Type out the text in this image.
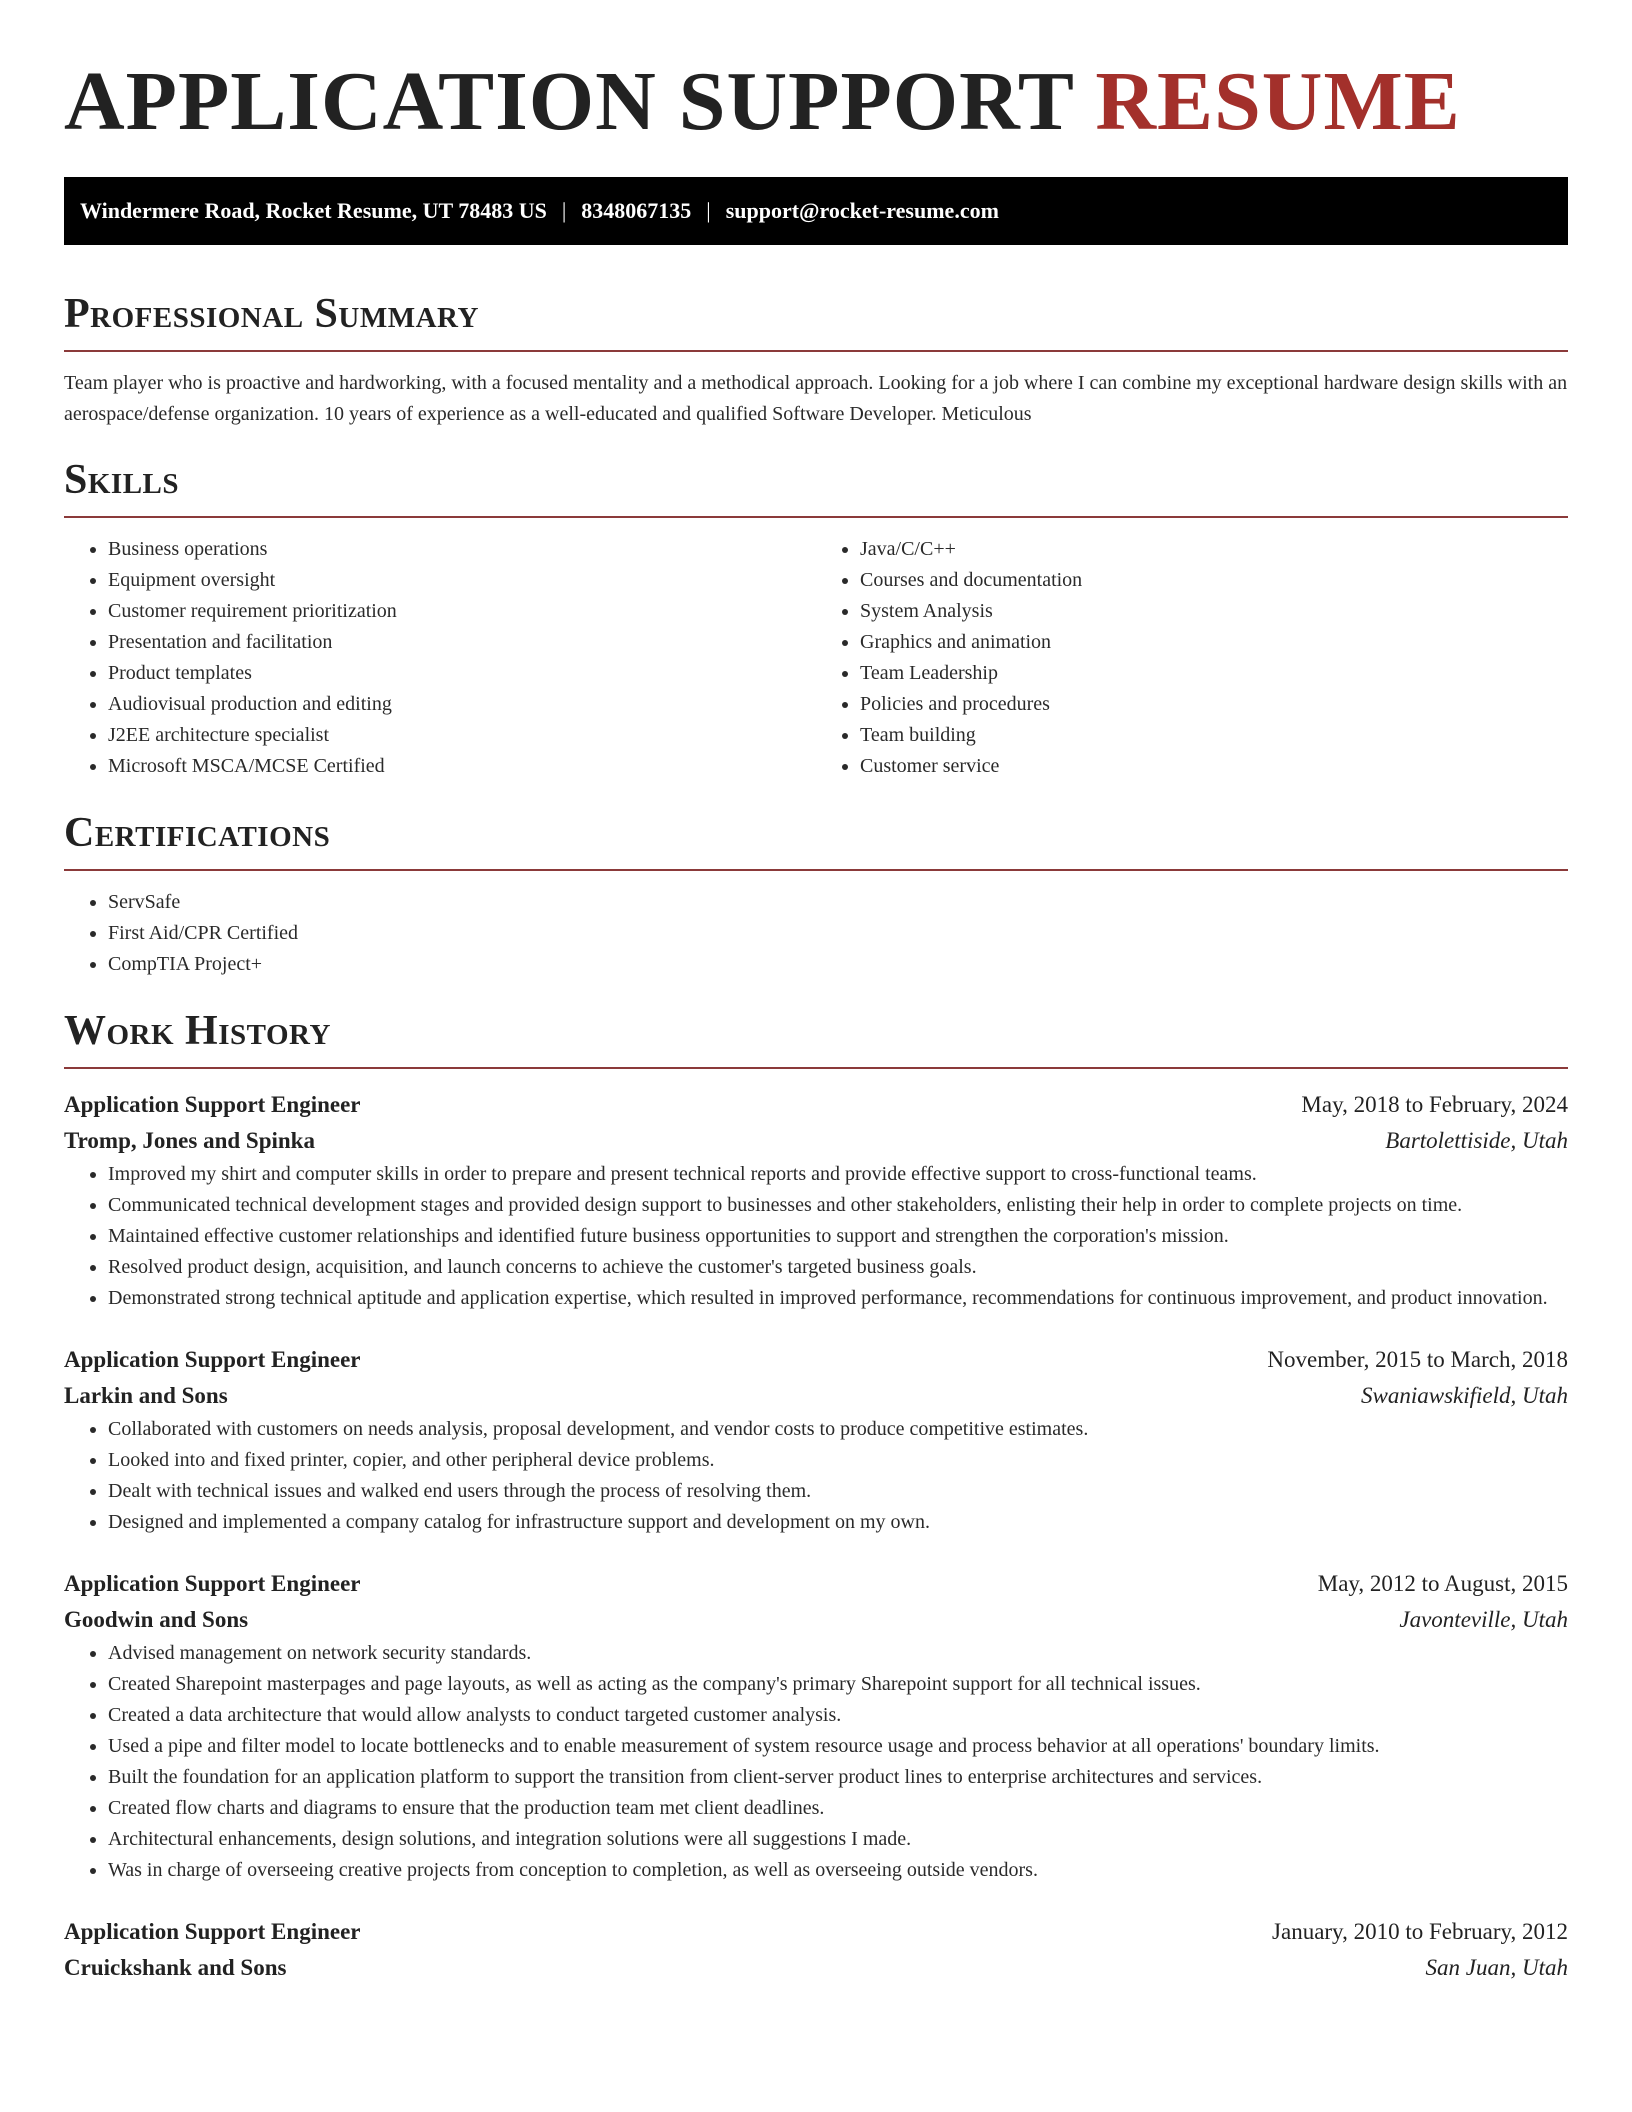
APPLICATION SUPPORT RESUME
Windermere Road, Rocket Resume, UT 78483 US | 8348067135 | support@rocket-resume.com
Professional Summary

Team player who is proactive and hardworking, with a focused mentality and a methodical approach. Looking for a job where I can combine my exceptional hardware design skills with an aerospace/defense organization. 10 years of experience as a well-educated and qualified Software Developer. Meticulous

Skills
• Business operations
• Equipment oversight
• Customer requirement prioritization
• Presentation and facilitation
• Product templates
• Audiovisual production and editing
• J2EE architecture specialist
• Microsoft MSCA/MCSE Certified
• Java/C/C++
• Courses and documentation
• System Analysis
• Graphics and animation
• Team Leadership
• Policies and procedures
• Team building
• Customer service
Certifications
• ServSafe
• First Aid/CPR Certified
• CompTIA Project+
Work History
Application Support Engineer	May, 2018 to February, 2024
Tromp, Jones and Spinka	Bartolettiside, Utah
• Improved my shirt and computer skills in order to prepare and present technical reports and provide effective support to cross-functional teams.
• Communicated technical development stages and provided design support to businesses and other stakeholders, enlisting their help in order to complete projects on time.
• Maintained effective customer relationships and identified future business opportunities to support and strengthen the corporation's mission.
• Resolved product design, acquisition, and launch concerns to achieve the customer's targeted business goals.
• Demonstrated strong technical aptitude and application expertise, which resulted in improved performance, recommendations for continuous improvement, and product innovation.
Application Support Engineer	November, 2015 to March, 2018
Larkin and Sons	Swaniawskifield, Utah
• Collaborated with customers on needs analysis, proposal development, and vendor costs to produce competitive estimates.
• Looked into and fixed printer, copier, and other peripheral device problems.
• Dealt with technical issues and walked end users through the process of resolving them.
• Designed and implemented a company catalog for infrastructure support and development on my own.
Application Support Engineer	May, 2012 to August, 2015
Goodwin and Sons	Javonteville, Utah
• Advised management on network security standards.
• Created Sharepoint masterpages and page layouts, as well as acting as the company's primary Sharepoint support for all technical issues.
• Created a data architecture that would allow analysts to conduct targeted customer analysis.
• Used a pipe and filter model to locate bottlenecks and to enable measurement of system resource usage and process behavior at all operations' boundary limits.
• Built the foundation for an application platform to support the transition from client-server product lines to enterprise architectures and services.
• Created flow charts and diagrams to ensure that the production team met client deadlines.
• Architectural enhancements, design solutions, and integration solutions were all suggestions I made.
• Was in charge of overseeing creative projects from conception to completion, as well as overseeing outside vendors.
Application Support Engineer	January, 2010 to February, 2012
Cruickshank and Sons	San Juan, Utah
